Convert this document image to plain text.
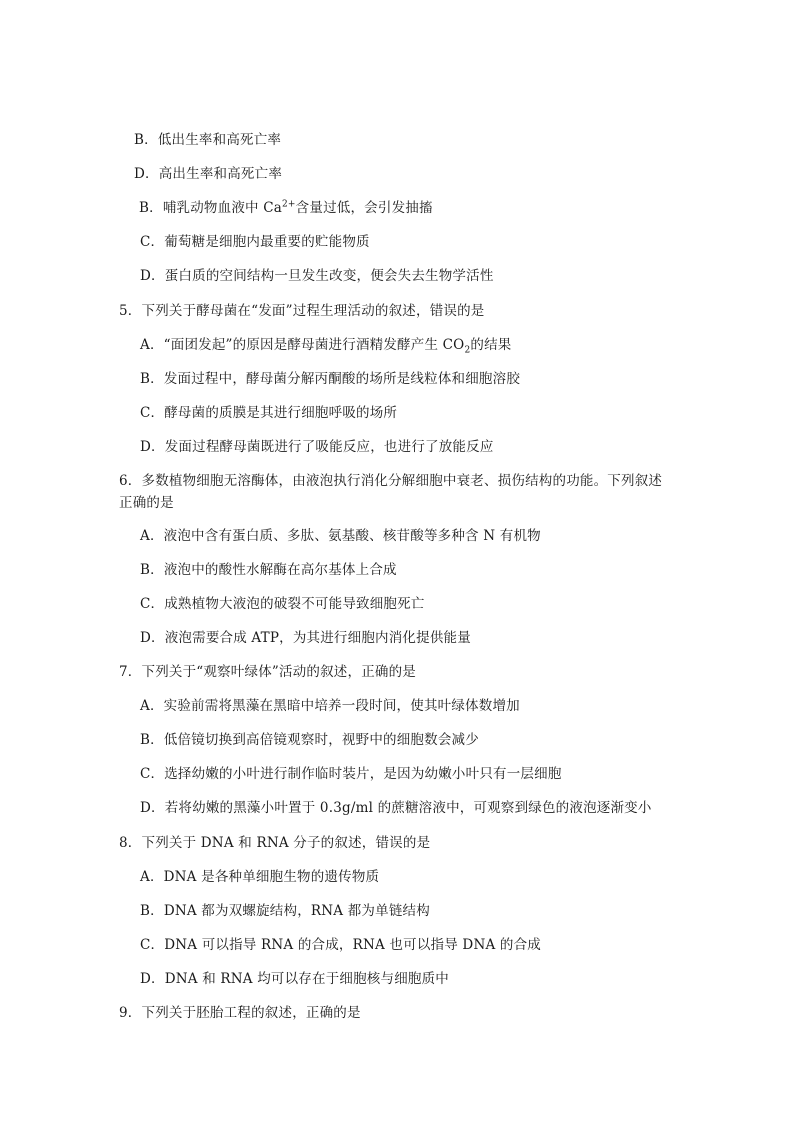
B．低出生率和高死亡率
D．高出生率和高死亡率
B．哺乳动物血液中 $Ca^{2+}$含量过低，会引发抽搐
C．葡萄糖是细胞内最重要的贮能物质
D．蛋白质的空间结构一旦发生改变，便会失去生物学活性
5．下列关于酵母菌在“发面”过程生理活动的叙述，错误的是
A．“面团发起”的原因是酵母菌进行酒精发酵产生 $CO_2$的结果
B．发面过程中，酵母菌分解丙酮酸的场所是线粒体和细胞溶胶
C．酵母菌的质膜是其进行细胞呼吸的场所
D．发面过程酵母菌既进行了吸能反应，也进行了放能反应
6．多数植物细胞无溶酶体，由液泡执行消化分解细胞中衰老、损伤结构的功能。下列叙述
正确的是
A．液泡中含有蛋白质、多肽、氨基酸、核苷酸等多种含 N 有机物
B．液泡中的酸性水解酶在高尔基体上合成
C．成熟植物大液泡的破裂不可能导致细胞死亡
D．液泡需要合成 ATP，为其进行细胞内消化提供能量
7．下列关于“观察叶绿体”活动的叙述，正确的是
A．实验前需将黑藻在黑暗中培养一段时间，使其叶绿体数增加
B．低倍镜切换到高倍镜观察时，视野中的细胞数会减少
C．选择幼嫩的小叶进行制作临时装片，是因为幼嫩小叶只有一层细胞
D．若将幼嫩的黑藻小叶置于 0.3g/ml 的蔗糖溶液中，可观察到绿色的液泡逐渐变小
8．下列关于 DNA 和 RNA 分子的叙述，错误的是
A．DNA 是各种单细胞生物的遗传物质
B．DNA 都为双螺旋结构，RNA 都为单链结构
C．DNA 可以指导 RNA 的合成，RNA 也可以指导 DNA 的合成
D．DNA 和 RNA 均可以存在于细胞核与细胞质中
9．下列关于胚胎工程的叙述，正确的是
